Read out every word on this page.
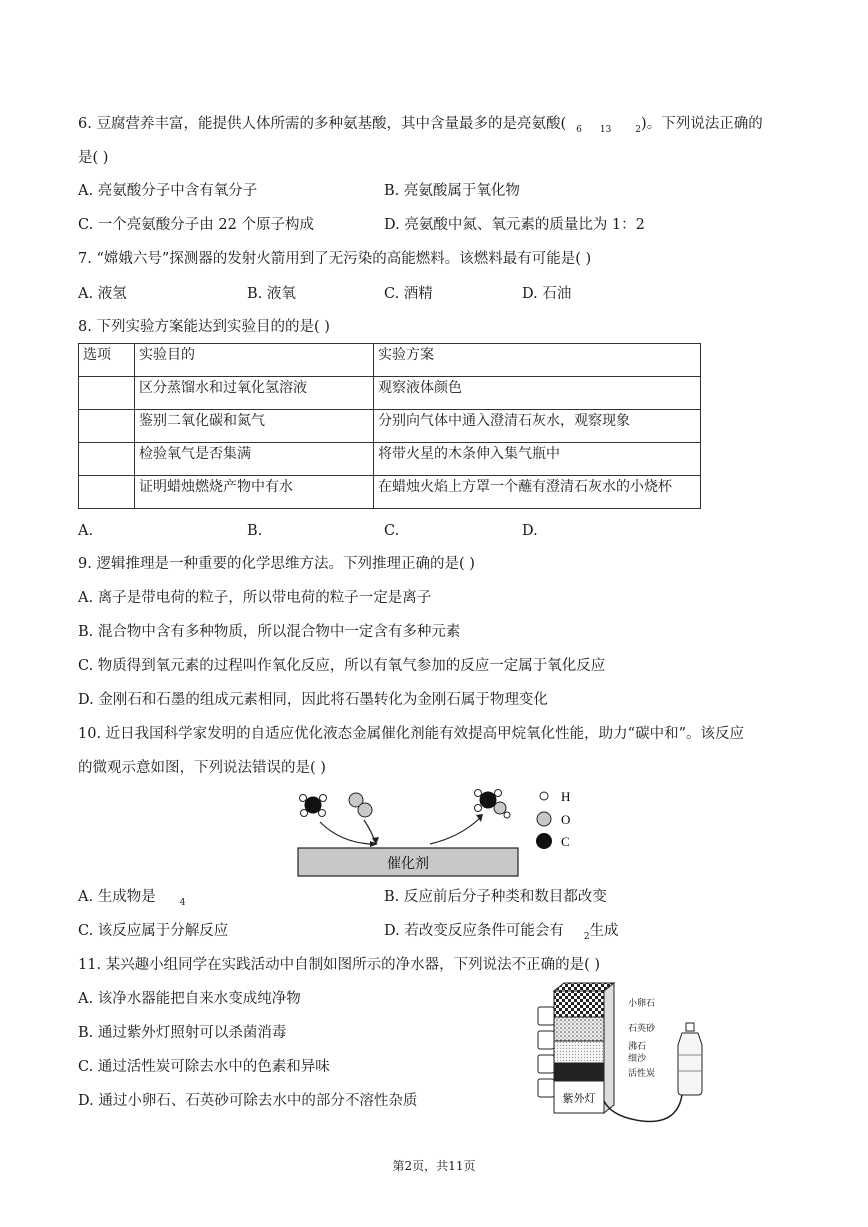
6. 豆腐营养丰富，能提供人体所需的多种氨基酸，其中含量最多的是亮氨酸( $_6$ $_{13}$	$_2$)。下列说法正确的
是( )
A. 亮氨酸分子中含有氧分子	B. 亮氨酸属于氧化物
C. 一个亮氨酸分子由 22 个原子构成	D. 亮氨酸中氮、氧元素的质量比为 1：2
7. “嫦娥六号”探测器的发射火箭用到了无污染的高能燃料。该燃料最有可能是( )
A. 液氢	B. 液氧	C. 酒精	D. 石油
8. 下列实验方案能达到实验目的的是( )
选项	实验目的	实验方案
	区分蒸馏水和过氧化氢溶液	观察液体颜色
	鉴别二氧化碳和氮气	分别向气体中通入澄清石灰水，观察现象
	检验氧气是否集满	将带火星的木条伸入集气瓶中
	证明蜡烛燃烧产物中有水	在蜡烛火焰上方罩一个蘸有澄清石灰水的小烧杯
A.	B.	C.	D.
9. 逻辑推理是一种重要的化学思维方法。下列推理正确的是( )
A. 离子是带电荷的粒子，所以带电荷的粒子一定是离子
B. 混合物中含有多种物质，所以混合物中一定含有多种元素
C. 物质得到氧元素的过程叫作氧化反应，所以有氧气参加的反应一定属于氧化反应
D. 金刚石和石墨的组成元素相同，因此将石墨转化为金刚石属于物理变化
10. 近日我国科学家发明的自适应优化液态金属催化剂能有效提高甲烷氧化性能，助力“碳中和”。该反应
的微观示意如图，下列说法错误的是( )
催化剂
H
O
C
A. 生成物是	$_4$	B. 反应前后分子种类和数目都改变
C. 该反应属于分解反应	D. 若改变反应条件可能会有 $_2$生成
11. 某兴趣小组同学在实践活动中自制如图所示的净水器，下列说法不正确的是( )
A. 该净水器能把自来水变成纯净物
B. 通过紫外灯照射可以杀菌消毒
C. 通过活性炭可除去水中的色素和异味
D. 通过小卵石、石英砂可除去水中的部分不溶性杂质	紫外灯
小卵石
石英砂
沸石
细沙
活性炭
第2页，共11页
